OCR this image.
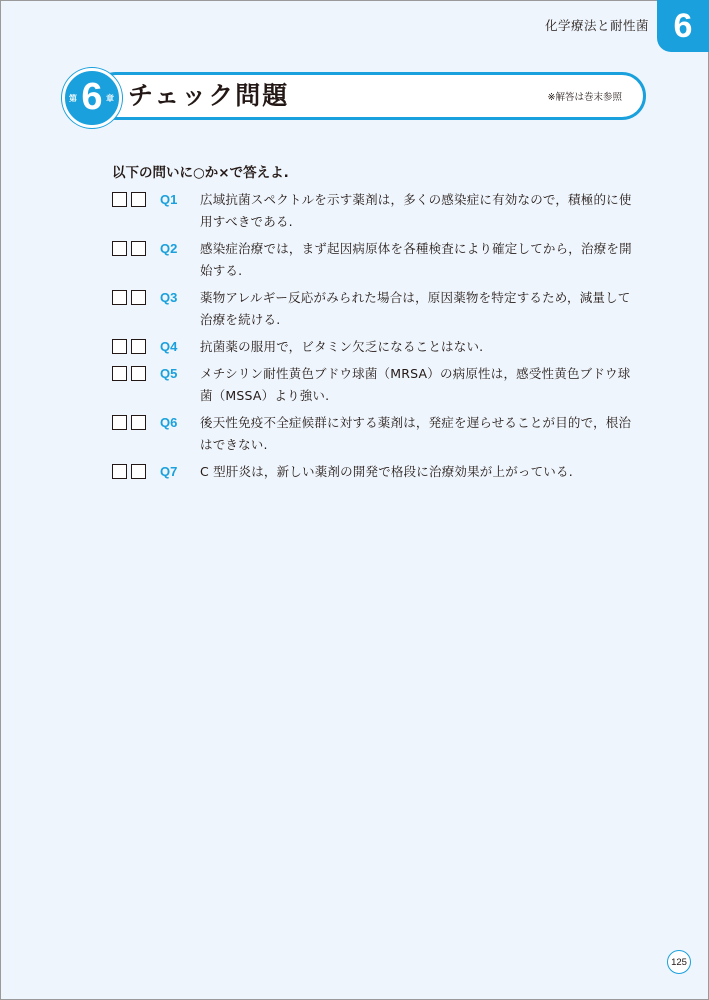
化学療法と耐性菌 6
第 6 章 チェック問題	※解答は巻末参照
以下の問いに○か×で答えよ.
Q1	広域抗菌スペクトルを示す薬剤は，多くの感染症に有効なので，積極的に使用すべきである.
Q2	感染症治療では，まず起因病原体を各種検査により確定してから，治療を開始する.
Q3	薬物アレルギー反応がみられた場合は，原因薬物を特定するため，減量して治療を続ける.
Q4	抗菌薬の服用で，ビタミン欠乏になることはない.
Q5	メチシリン耐性黄色ブドウ球菌（MRSA）の病原性は，感受性黄色ブドウ球菌（MSSA）より強い.
Q6	後天性免疫不全症候群に対する薬剤は，発症を遅らせることが目的で，根治はできない.
Q7	C 型肝炎は，新しい薬剤の開発で格段に治療効果が上がっている.
125
